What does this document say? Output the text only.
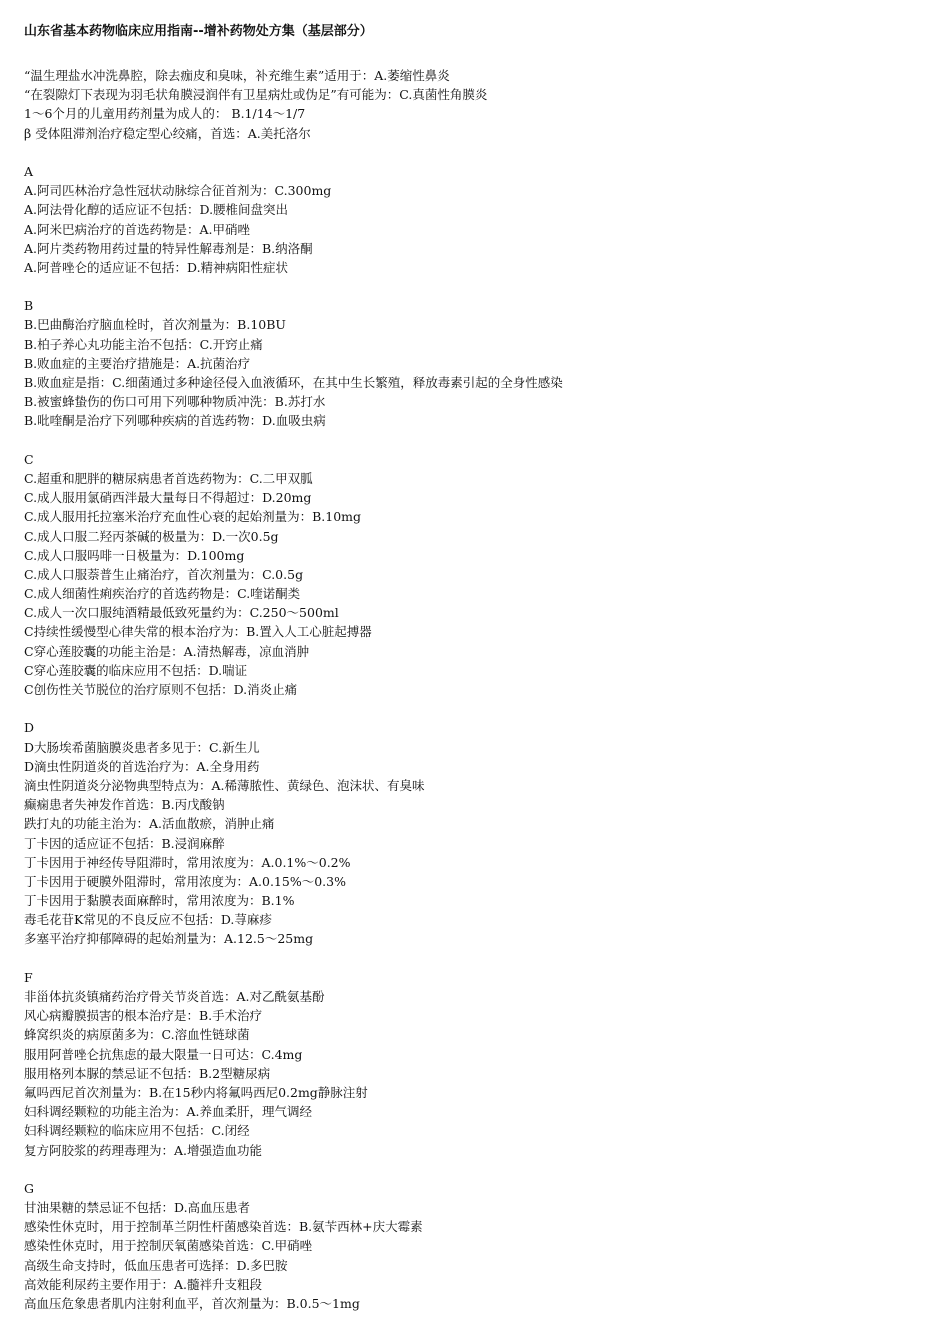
山东省基本药物临床应用指南--增补药物处方集（基层部分）
“温生理盐水冲洗鼻腔，除去痂皮和臭味，补充维生素”适用于：A.萎缩性鼻炎
“在裂隙灯下表现为羽毛状角膜浸润伴有卫星病灶或伪足”有可能为：C.真菌性角膜炎
1～6个月的儿童用药剂量为成人的： B.1/14～1/7
β 受体阻滞剂治疗稳定型心绞痛，首选：A.美托洛尔
A
A.阿司匹林治疗急性冠状动脉综合征首剂为：C.300mg
A.阿法骨化醇的适应证不包括：D.腰椎间盘突出
A.阿米巴病治疗的首选药物是：A.甲硝唑
A.阿片类药物用药过量的特异性解毒剂是：B.纳洛酮
A.阿普唑仑的适应证不包括：D.精神病阳性症状
B
B.巴曲酶治疗脑血栓时，首次剂量为：B.10BU
B.柏子养心丸功能主治不包括：C.开窍止痛
B.败血症的主要治疗措施是：A.抗菌治疗
B.败血症是指：C.细菌通过多种途径侵入血液循环，在其中生长繁殖，释放毒素引起的全身性感染
B.被蜜蜂蛰伤的伤口可用下列哪种物质冲洗：B.苏打水
B.吡喹酮是治疗下列哪种疾病的首选药物：D.血吸虫病
C
C.超重和肥胖的糖尿病患者首选药物为：C.二甲双胍
C.成人服用氯硝西泮最大量每日不得超过：D.20mg
C.成人服用托拉塞米治疗充血性心衰的起始剂量为：B.10mg
C.成人口服二羟丙茶碱的极量为：D.一次0.5g
C.成人口服吗啡一日极量为：D.100mg
C.成人口服萘普生止痛治疗，首次剂量为：C.0.5g
C.成人细菌性痢疾治疗的首选药物是：C.喹诺酮类
C.成人一次口服纯酒精最低致死量约为：C.250～500ml
C持续性缓慢型心律失常的根本治疗为：B.置入人工心脏起搏器
C穿心莲胶囊的功能主治是：A.清热解毒，凉血消肿
C穿心莲胶囊的临床应用不包括：D.喘证
C创伤性关节脱位的治疗原则不包括：D.消炎止痛
D
D大肠埃希菌脑膜炎患者多见于：C.新生儿
D滴虫性阴道炎的首选治疗为：A.全身用药
滴虫性阴道炎分泌物典型特点为：A.稀薄脓性、黄绿色、泡沫状、有臭味
癫痫患者失神发作首选：B.丙戊酸钠
跌打丸的功能主治为：A.活血散瘀，消肿止痛
丁卡因的适应证不包括：B.浸润麻醉
丁卡因用于神经传导阻滞时，常用浓度为：A.0.1%～0.2%
丁卡因用于硬膜外阻滞时，常用浓度为：A.0.15%～0.3%
丁卡因用于黏膜表面麻醉时，常用浓度为：B.1%
毒毛花苷K常见的不良反应不包括：D.荨麻疹
多塞平治疗抑郁障碍的起始剂量为：A.12.5～25mg
F
非甾体抗炎镇痛药治疗骨关节炎首选：A.对乙酰氨基酚
风心病瓣膜损害的根本治疗是：B.手术治疗
蜂窝织炎的病原菌多为：C.溶血性链球菌
服用阿普唑仑抗焦虑的最大限量一日可达：C.4mg
服用格列本脲的禁忌证不包括：B.2型糖尿病
氟吗西尼首次剂量为：B.在15秒内将氟吗西尼0.2mg静脉注射
妇科调经颗粒的功能主治为：A.养血柔肝，理气调经
妇科调经颗粒的临床应用不包括：C.闭经
复方阿胶浆的药理毒理为：A.增强造血功能
G
甘油果糖的禁忌证不包括：D.高血压患者
感染性休克时，用于控制革兰阴性杆菌感染首选：B.氨苄西林+庆大霉素
感染性休克时，用于控制厌氧菌感染首选：C.甲硝唑
高级生命支持时，低血压患者可选择：D.多巴胺
高效能利尿药主要作用于：A.髓袢升支粗段
高血压危象患者肌内注射利血平，首次剂量为：B.0.5～1mg
